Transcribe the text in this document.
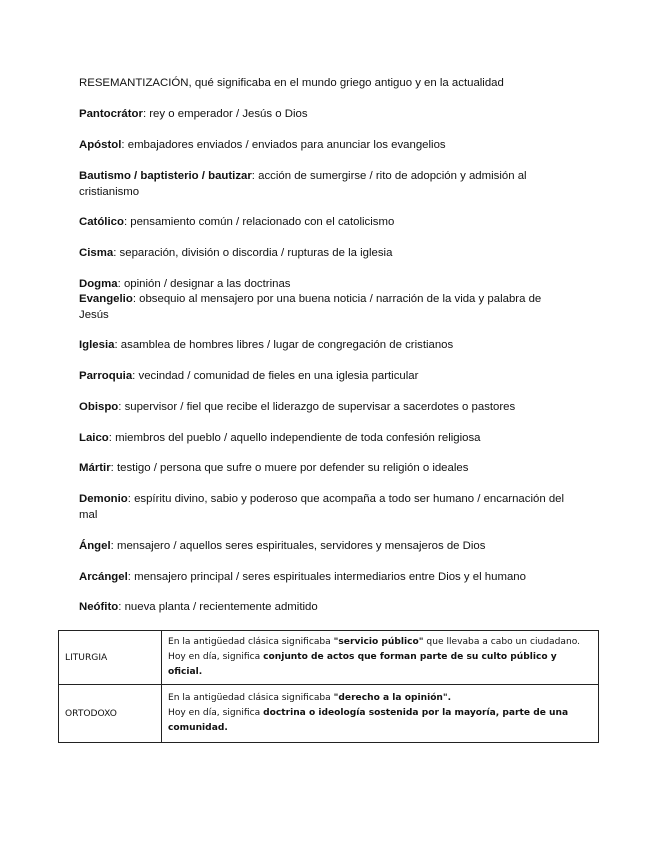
RESEMANTIZACIÓN, qué significaba en el mundo griego antiguo y en la actualidad
Pantocrátor: rey o emperador / Jesús o Dios
Apóstol: embajadores enviados / enviados para anunciar los evangelios
Bautismo / baptisterio / bautizar: acción de sumergirse / rito de adopción y admisión al cristianismo
Católico: pensamiento común / relacionado con el catolicismo
Cisma: separación, división o discordia / rupturas de la iglesia
Dogma: opinión / designar a las doctrinas
Evangelio: obsequio al mensajero por una buena noticia / narración de la vida y palabra de Jesús
Iglesia: asamblea de hombres libres / lugar de congregación de cristianos
Parroquia: vecindad / comunidad de fieles en una iglesia particular
Obispo: supervisor / fiel que recibe el liderazgo de supervisar a sacerdotes o pastores
Laico: miembros del pueblo / aquello independiente de toda confesión religiosa
Mártir: testigo / persona que sufre o muere por defender su religión o ideales
Demonio: espíritu divino, sabio y poderoso que acompaña a todo ser humano / encarnación del mal
Ángel: mensajero / aquellos seres espirituales, servidores y mensajeros de Dios
Arcángel: mensajero principal / seres espirituales intermediarios entre Dios y el humano
Neófito: nueva planta / recientemente admitido
LITURGIA	En la antigüedad clásica significaba "servicio público" que llevaba a cabo un ciudadano.
Hoy en día, significa conjunto de actos que forman parte de su culto público y oficial.

ORTODOXO	En la antigüedad clásica significaba "derecho a la opinión".
Hoy en día, significa doctrina o ideología sostenida por la mayoría, parte de una comunidad.
